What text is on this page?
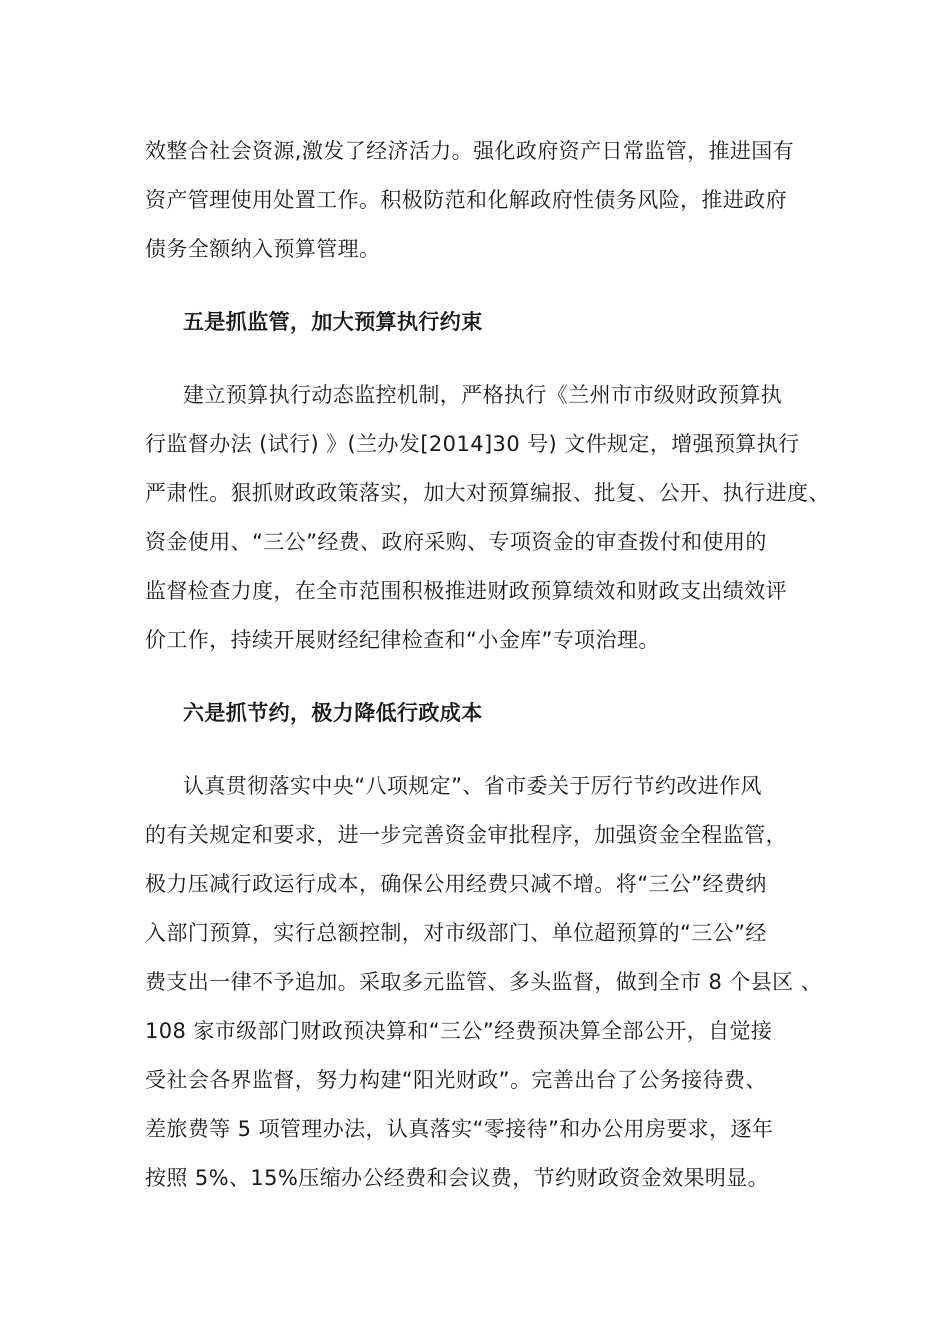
效整合社会资源,激发了经济活力。强化政府资产日常监管，推进国有
资产管理使用处置工作。积极防范和化解政府性债务风险，推进政府
债务全额纳入预算管理。

五是抓监管，加大预算执行约束

建立预算执行动态监控机制，严格执行《兰州市市级财政预算执
行监督办法 (试行) 》(兰办发[2014]30 号) 文件规定，增强预算执行
严肃性。狠抓财政政策落实，加大对预算编报、批复、公开、执行进度、
资金使用、“三公”经费、政府采购、专项资金的审查拨付和使用的
监督检查力度，在全市范围积极推进财政预算绩效和财政支出绩效评
价工作，持续开展财经纪律检查和“小金库”专项治理。

六是抓节约，极力降低行政成本

认真贯彻落实中央“八项规定”、省市委关于厉行节约改进作风
的有关规定和要求，进一步完善资金审批程序，加强资金全程监管，
极力压减行政运行成本，确保公用经费只减不增。将“三公”经费纳
入部门预算，实行总额控制，对市级部门、单位超预算的“三公”经
费支出一律不予追加。采取多元监管、多头监督，做到全市 8 个县区 、
108 家市级部门财政预决算和“三公”经费预决算全部公开，自觉接
受社会各界监督，努力构建“阳光财政”。完善出台了公务接待费、
差旅费等 5 项管理办法，认真落实“零接待”和办公用房要求，逐年
按照 5%、15%压缩办公经费和会议费，节约财政资金效果明显。
